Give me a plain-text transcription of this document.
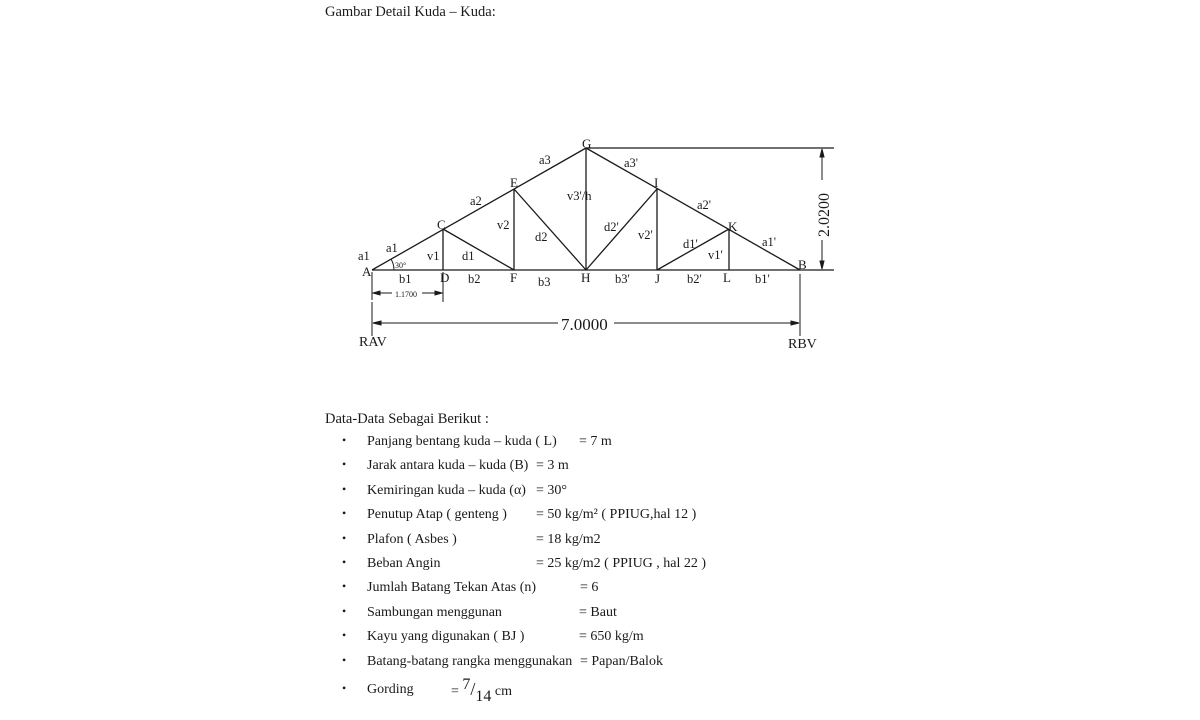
Gambar Detail Kuda – Kuda:
A
C
D
E
F
G
H
I
J
K
L
B
a1
a1
a2
a3	a3'
a2'
a1'
v1
v2
v3'/h
v2'
v1'
d1
d2
d2'
d1'
b1	b2	b3	b3'	b2'	b1'
30°
1.1700
7.0000
2.0200
RAV	RBV
Data-Data Sebagai Berikut :
• Panjang bentang kuda – kuda ( L) = 7 m
• Jarak antara kuda – kuda (B) = 3 m
• Kemiringan kuda – kuda (α) = 30°
• Penutup Atap ( genteng ) = 50 kg/m² ( PPIUG,hal 12 )
• Plafon ( Asbes )	= 18 kg/m2
• Beban Angin	= 25 kg/m2 ( PPIUG , hal 22 )
• Jumlah Batang Tekan Atas (n)	= 6
• Sambungan menggunan	= Baut
• Kayu yang digunakan ( BJ )	= 650 kg/m
• Batang-batang rangka menggunakan = Papan/Balok
• Gording	= 7/14 cm
